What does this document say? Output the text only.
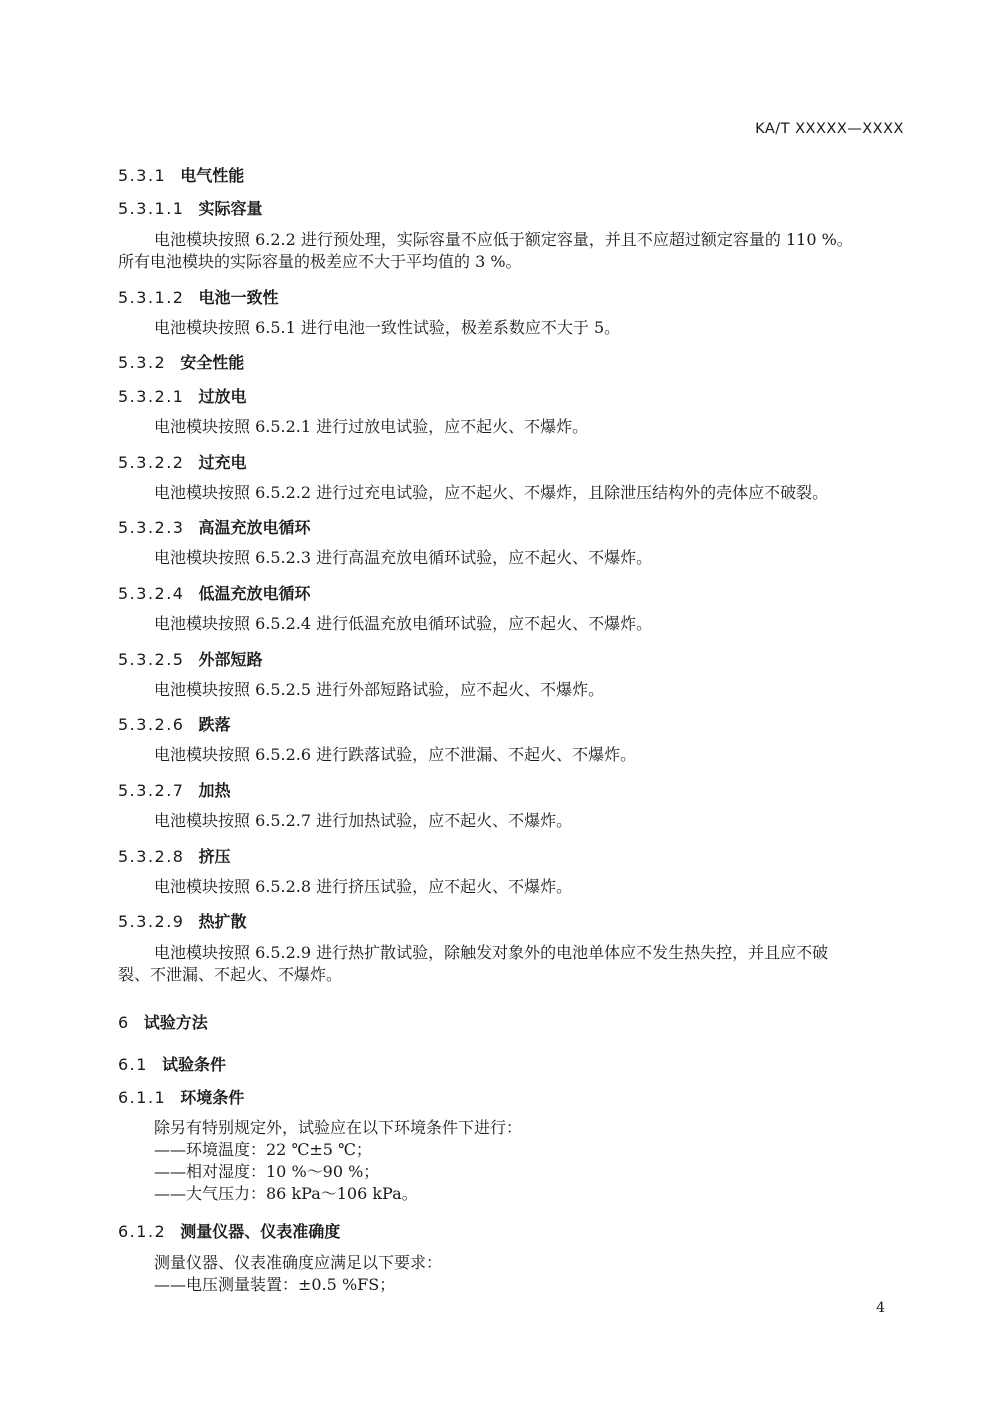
KA/T XXXXX—XXXX
5.3.1 电气性能
5.3.1.1 实际容量
电池模块按照 6.2.2 进行预处理，实际容量不应低于额定容量，并且不应超过额定容量的 110 %。
所有电池模块的实际容量的极差应不大于平均值的 3 %。
5.3.1.2 电池一致性
电池模块按照 6.5.1 进行电池一致性试验，极差系数应不大于 5。
5.3.2 安全性能
5.3.2.1 过放电
电池模块按照 6.5.2.1 进行过放电试验，应不起火、不爆炸。
5.3.2.2 过充电
电池模块按照 6.5.2.2 进行过充电试验，应不起火、不爆炸，且除泄压结构外的壳体应不破裂。
5.3.2.3 高温充放电循环
电池模块按照 6.5.2.3 进行高温充放电循环试验，应不起火、不爆炸。
5.3.2.4 低温充放电循环
电池模块按照 6.5.2.4 进行低温充放电循环试验，应不起火、不爆炸。
5.3.2.5 外部短路
电池模块按照 6.5.2.5 进行外部短路试验，应不起火、不爆炸。
5.3.2.6 跌落
电池模块按照 6.5.2.6 进行跌落试验，应不泄漏、不起火、不爆炸。
5.3.2.7 加热
电池模块按照 6.5.2.7 进行加热试验，应不起火、不爆炸。
5.3.2.8 挤压
电池模块按照 6.5.2.8 进行挤压试验，应不起火、不爆炸。
5.3.2.9 热扩散
电池模块按照 6.5.2.9 进行热扩散试验，除触发对象外的电池单体应不发生热失控，并且应不破
裂、不泄漏、不起火、不爆炸。
6 试验方法
6.1 试验条件
6.1.1 环境条件
除另有特别规定外，试验应在以下环境条件下进行：
——环境温度：22 ℃±5 ℃；
——相对湿度：10 %～90 %；
——大气压力：86 kPa～106 kPa。
6.1.2 测量仪器、仪表准确度
测量仪器、仪表准确度应满足以下要求：
——电压测量装置：±0.5 %FS；
4
